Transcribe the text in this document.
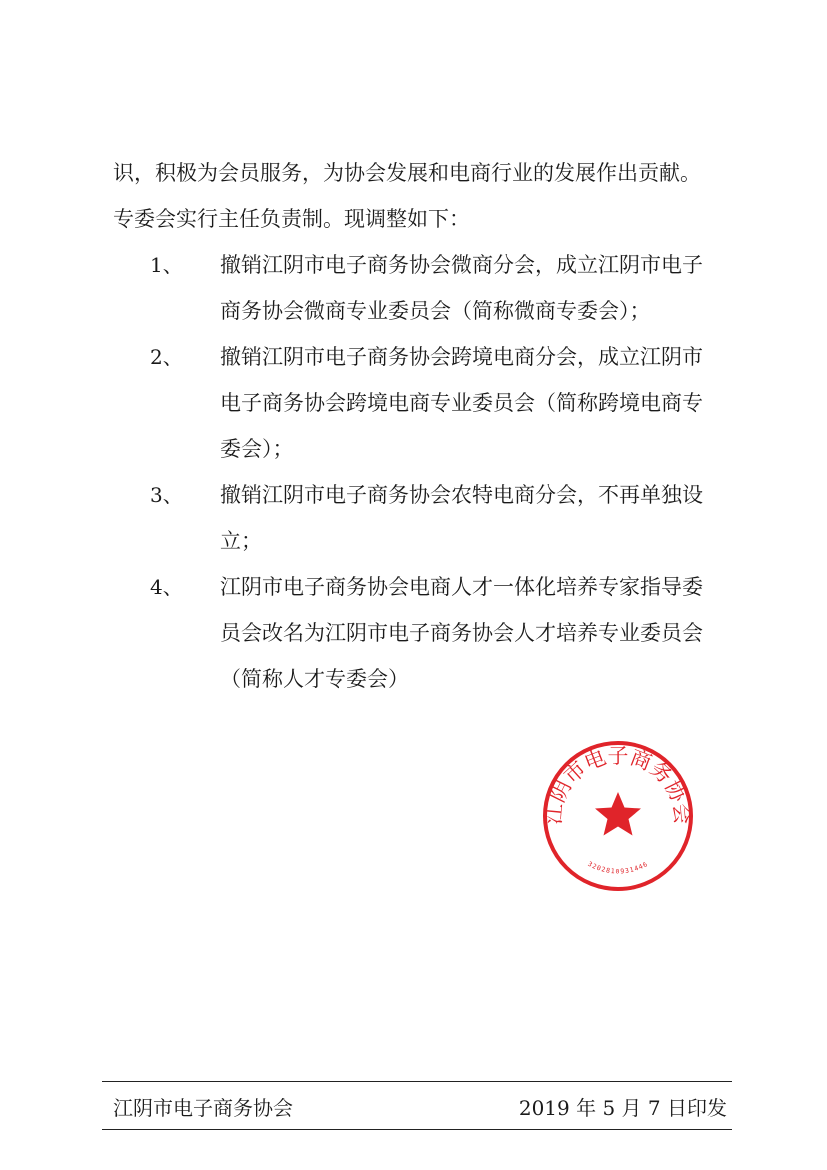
识，积极为会员服务，为协会发展和电商行业的发展作出贡献。

专委会实行主任负责制。现调整如下：

1、	撤销江阴市电子商务协会微商分会，成立江阴市电子
商务协会微商专业委员会（简称微商专委会）；
2、	撤销江阴市电子商务协会跨境电商分会，成立江阴市
电子商务协会跨境电商专业委员会（简称跨境电商专
委会）；
3、	撤销江阴市电子商务协会农特电商分会，不再单独设
立；
4、	江阴市电子商务协会电商人才一体化培养专家指导委
员会改名为江阴市电子商务协会人才培养专业委员会
（简称人才专委会）
江阴市电子商务协会
3202810931446
江阴市电子商务协会	2019 年 5 月 7 日印发
